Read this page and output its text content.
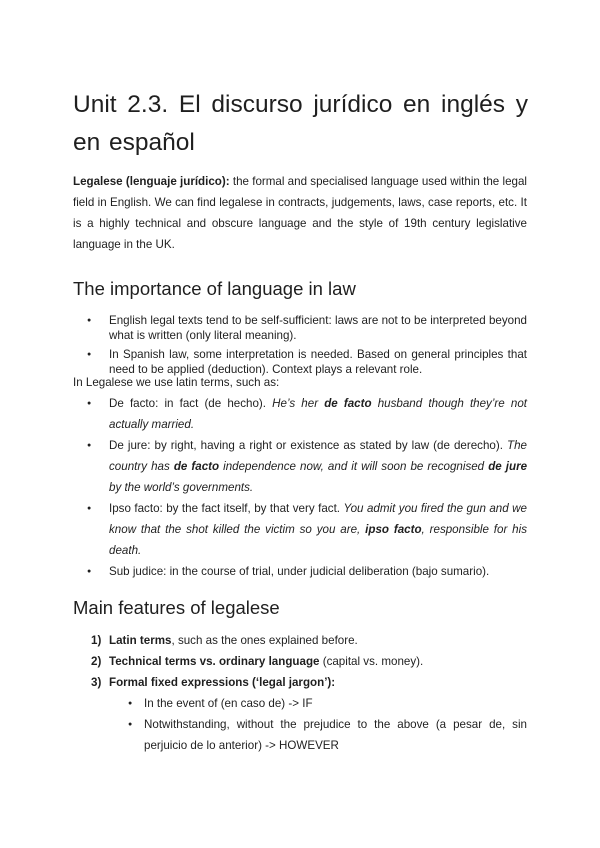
Unit 2.3. El discurso jurídico en inglés y en español

Legalese (lenguaje jurídico): the formal and specialised language used within the legal field in English. We can find legalese in contracts, judgements, laws, case reports, etc. It is a highly technical and obscure language and the style of 19th century legislative language in the UK.

The importance of language in law
●	English legal texts tend to be self-sufficient: laws are not to be interpreted beyond what is written (only literal meaning).
●	In Spanish law, some interpretation is needed. Based on general principles that need to be applied (deduction). Context plays a relevant role.

In Legalese we use latin terms, such as:

●	De facto: in fact (de hecho). He’s her de facto husband though they’re not actually married.
●	De jure: by right, having a right or existence as stated by law (de derecho). The country has de facto independence now, and it will soon be recognised de jure by the world’s governments.
●	Ipso facto: by the fact itself, by that very fact. You admit you fired the gun and we know that the shot killed the victim so you are, ipso facto, responsible for his death.
●	Sub judice: in the course of trial, under judicial deliberation (bajo sumario).
Main features of legalese
1) Latin terms, such as the ones explained before.
2) Technical terms vs. ordinary language (capital vs. money).
3) Formal fixed expressions (‘legal jargon’):
●	In the event of (en caso de) -> IF
●	Notwithstanding, without the prejudice to the above (a pesar de, sin perjuicio de lo anterior) -> HOWEVER
